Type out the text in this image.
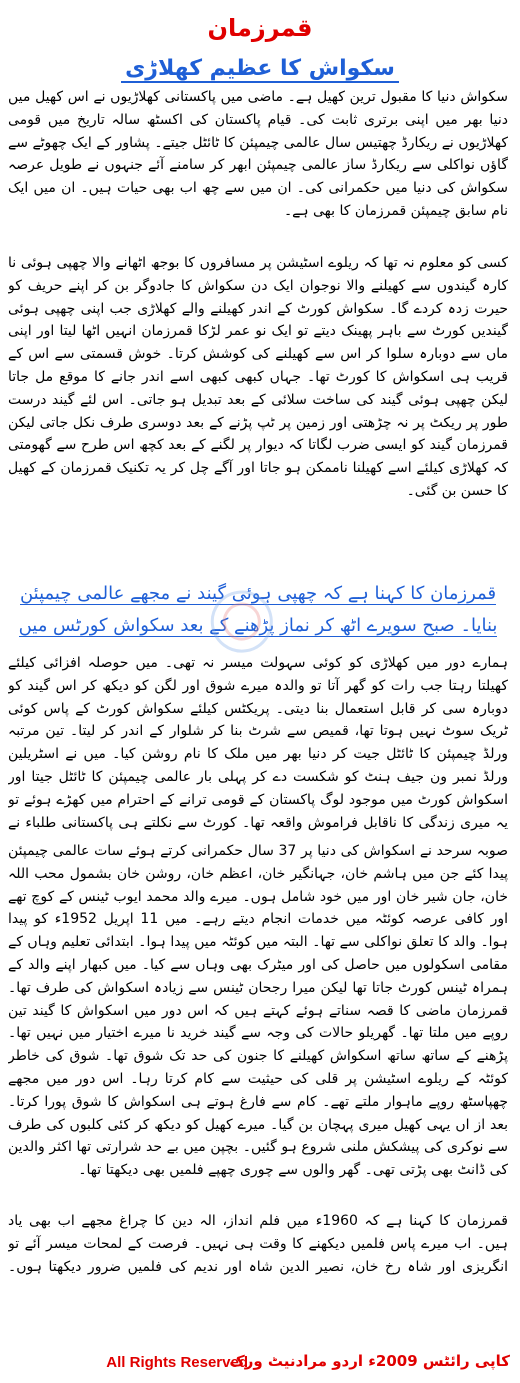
قمرزمان
سکواش کا عظیم کھلاڑی

سکواش دنیا کا مقبول ترین کھیل ہے۔ ماضی میں پاکستانی کھلاڑیوں نے اس کھیل میں دنیا بھر میں اپنی برتری ثابت کی۔ قیام پاکستان کی اکسٹھ سالہ تاریخ میں قومی کھلاڑیوں نے ریکارڈ چھتیس سال عالمی چیمپئن کا ٹائٹل جیتے۔ پشاور کے ایک چھوٹے سے گاؤں نواکلی سے ریکارڈ ساز عالمی چیمپئن ابھر کر سامنے آئے جنہوں نے طویل عرصہ سکواش کی دنیا میں حکمرانی کی۔ ان میں سے چھ اب بھی حیات ہیں۔ ان میں ایک نام سابق چیمپئن قمرزمان کا بھی ہے۔

کسی کو معلوم نہ تھا کہ ریلوے اسٹیشن پر مسافروں کا بوجھ اٹھانے والا چھپی ہوئی نا کارہ گیندوں سے کھیلنے والا نوجوان ایک دن سکواش کا جادوگر بن کر اپنے حریف کو حیرت زدہ کردے گا۔ سکواش کورٹ کے اندر کھیلنے والے کھلاڑی جب اپنی چھپی ہوئی گیندیں کورٹ سے باہر پھینک دیتے تو ایک نو عمر لڑکا قمرزمان انہیں اٹھا لیتا اور اپنی ماں سے دوبارہ سلوا کر اس سے کھیلنے کی کوشش کرتا۔ خوش قسمتی سے اس کے قریب ہی اسکواش کا کورٹ تھا۔ جہاں کبھی کبھی اسے اندر جانے کا موقع مل جاتا لیکن چھپی ہوئی گیند کی ساخت سلائی کے بعد تبدیل ہو جاتی۔ اس لئے گیند درست طور پر ریکٹ پر نہ چڑھتی اور زمین پر ٹپ پڑنے کے بعد دوسری طرف نکل جاتی لیکن قمرزمان گیند کو ایسی ضرب لگاتا کہ دیوار پر لگنے کے بعد کچھ اس طرح سے گھومتی کہ کھلاڑی کیلئے اسے کھیلنا ناممکن ہو جاتا اور آگے چل کر یہ تکنیک قمرزمان کے کھیل کا حسن بن گئی۔

قمرزمان کا کہنا ہے کہ چھپی ہوئی گیند نے مجھے عالمی چیمپئن بنایا۔ صبح سویرے اٹھ کر نماز پڑھنے کے بعد سکواش کورٹس میں

ہمارے دور میں کھلاڑی کو کوئی سہولت میسر نہ تھی۔ میں حوصلہ افزائی کیلئے کھیلتا رہتا جب رات کو گھر آتا تو والدہ میرے شوق اور لگن کو دیکھ کر اس گیند کو دوبارہ سی کر قابل استعمال بنا دیتی۔ پریکٹس کیلئے سکواش کورٹ کے پاس کوئی ٹریک سوٹ نہیں ہوتا تھا، قمیص سے شرٹ بنا کر شلوار کے اندر کر لیتا۔ تین مرتبہ ورلڈ چیمپئن کا ٹائٹل جیت کر دنیا بھر میں ملک کا نام روشن کیا۔ میں نے اسٹریلین ورلڈ نمبر ون جیف ہنٹ کو شکست دے کر پہلی بار عالمی چیمپئن کا ٹائٹل جیتا اور اسکواش کورٹ میں موجود لوگ پاکستان کے قومی ترانے کے احترام میں کھڑے ہوئے تو یہ میری زندگی کا ناقابل فراموش واقعہ تھا۔ کورٹ سے نکلتے ہی پاکستانی طلباء نے

صوبہ سرحد نے اسکواش کی دنیا پر 37 سال حکمرانی کرتے ہوئے سات عالمی چیمپئن پیدا کئے جن میں ہاشم خان، جہانگیر خان، اعظم خان، روشن خان بشمول محب اللہ خان، جان شیر خان اور میں خود شامل ہوں۔ میرے والد محمد ایوب ٹینس کے کوچ تھے اور کافی عرصہ کوئٹہ میں خدمات انجام دیتے رہے۔ میں 11 اپریل 1952ء کو پیدا ہوا۔ والد کا تعلق نواکلی سے تھا۔ البتہ میں کوئٹہ میں پیدا ہوا۔ ابتدائی تعلیم وہاں کے مقامی اسکولوں میں حاصل کی اور میٹرک بھی وہاں سے کیا۔ میں کبھار اپنے والد کے ہمراہ ٹینس کورٹ جاتا تھا لیکن میرا رجحان ٹینس سے زیادہ اسکواش کی طرف تھا۔ قمرزمان ماضی کا قصہ سناتے ہوئے کہتے ہیں کہ اس دور میں اسکواش کا گیند تین روپے میں ملتا تھا۔ گھریلو حالات کی وجہ سے گیند خرید نا میرے اختیار میں نہیں تھا۔ پڑھنے کے ساتھ ساتھ اسکواش کھیلنے کا جنون کی حد تک شوق تھا۔ شوق کی خاطر کوئٹہ کے ریلوے اسٹیشن پر قلی کی حیثیت سے کام کرتا رہا۔ اس دور میں مجھے چھپاسٹھ روپے ماہوار ملتے تھے۔ کام سے فارغ ہوتے ہی اسکواش کا شوق پورا کرتا۔ بعد از اں یہی کھیل میری پہچان بن گیا۔ میرے کھیل کو دیکھ کر کئی کلبوں کی طرف سے نوکری کی پیشکش ملنی شروع ہو گئیں۔ بچپن میں بے حد شرارتی تھا اکثر والدین کی ڈانٹ بھی پڑتی تھی۔ گھر والوں سے چوری چھپے فلمیں بھی دیکھتا تھا۔

قمرزمان کا کہنا ہے کہ 1960ء میں فلم انداز، الہ دین کا چراغ مجھے اب بھی یاد ہیں۔ اب میرے پاس فلمیں دیکھنے کا وقت ہی نہیں۔ فرصت کے لمحات میسر آئے تو انگریزی اور شاہ رخ خان، نصیر الدین شاہ اور ندیم کی فلمیں ضرور دیکھتا ہوں۔

All Rights Reserved
کاپی رائٹس 2009ء اردو مرادنیٹ ورک
